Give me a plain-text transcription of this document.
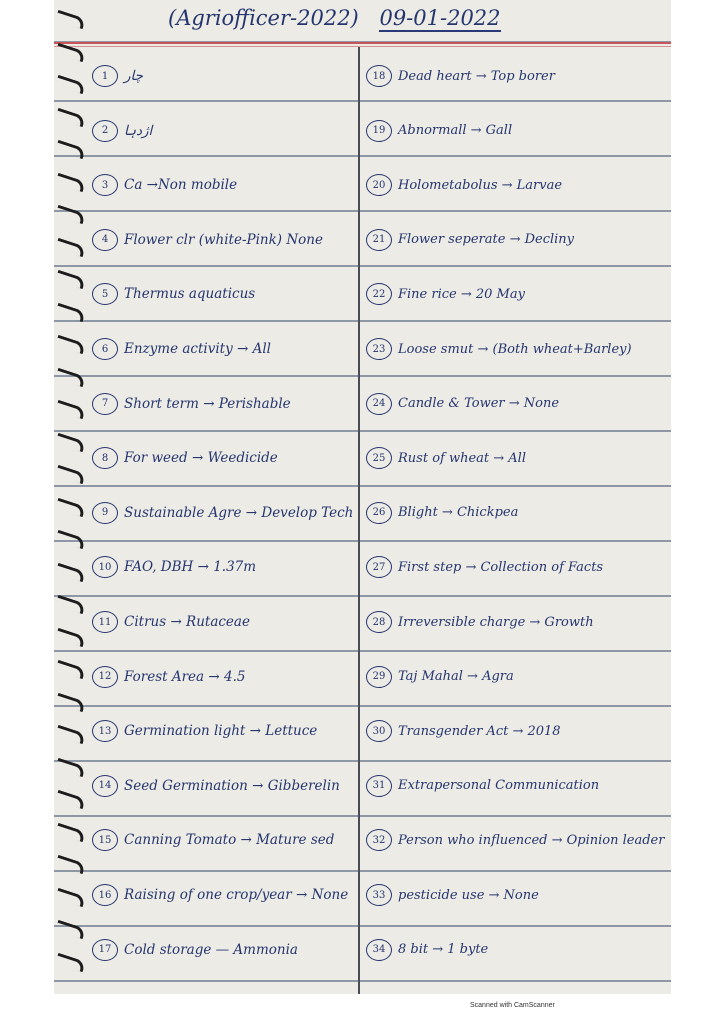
(Agriofficer-2022) 09-01-2022
1	چار
2	اژدہا
3	Ca →Non mobile
4	Flower clr (white-Pink) None
5	Thermus aquaticus
6	Enzyme activity → All
7	Short term → Perishable
8	For weed → Weedicide
9	Sustainable Agre → Develop Tech
10 FAO, DBH → 1.37m
11 Citrus → Rutaceae
12 Forest Area → 4.5
13 Germination light → Lettuce
14 Seed Germination → Gibberelin
15 Canning Tomato → Mature sed
16 Raising of one crop/year → None
17 Cold storage — Ammonia
18 Dead heart → Top borer
19 Abnormall → Gall
20 Holometabolus → Larvae
21 Flower seperate → Decliny
22 Fine rice → 20 May
23 Loose smut → (Both wheat+Barley)
24 Candle & Tower → None
25 Rust of wheat → All
26 Blight → Chickpea
27 First step → Collection of Facts
28 Irreversible charge → Growth
29 Taj Mahal → Agra
30 Transgender Act → 2018
31 Extrapersonal Communication
32 Person who influenced → Opinion leader
33 pesticide use → None
34 8 bit → 1 byte
Scanned with CamScanner
